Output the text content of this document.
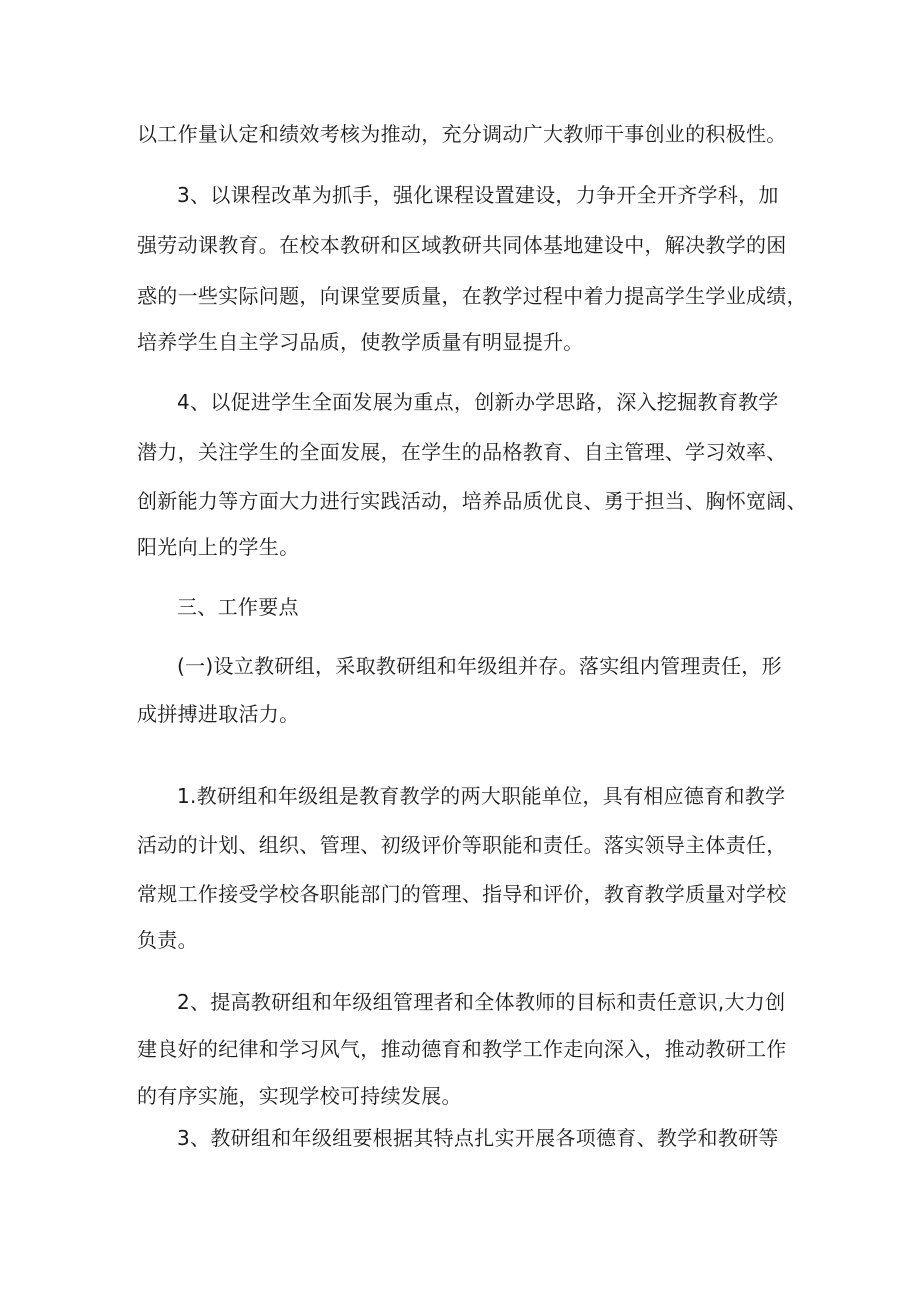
以工作量认定和绩效考核为推动，充分调动广大教师干事创业的积极性。
3、以课程改革为抓手，强化课程设置建设，力争开全开齐学科，加
强劳动课教育。在校本教研和区域教研共同体基地建设中，解决教学的困
惑的一些实际问题，向课堂要质量，在教学过程中着力提高学生学业成绩，
培养学生自主学习品质，使教学质量有明显提升。
4、以促进学生全面发展为重点，创新办学思路，深入挖掘教育教学
潜力，关注学生的全面发展，在学生的品格教育、自主管理、学习效率、
创新能力等方面大力进行实践活动，培养品质优良、勇于担当、胸怀宽阔、
阳光向上的学生。
三、工作要点
(一)设立教研组，采取教研组和年级组并存。落实组内管理责任，形
成拼搏进取活力。
1.教研组和年级组是教育教学的两大职能单位，具有相应德育和教学
活动的计划、组织、管理、初级评价等职能和责任。落实领导主体责任，
常规工作接受学校各职能部门的管理、指导和评价，教育教学质量对学校
负责。
2、提高教研组和年级组管理者和全体教师的目标和责任意识,大力创
建良好的纪律和学习风气，推动德育和教学工作走向深入，推动教研工作
的有序实施，实现学校可持续发展。
3、教研组和年级组要根据其特点扎实开展各项德育、教学和教研等
